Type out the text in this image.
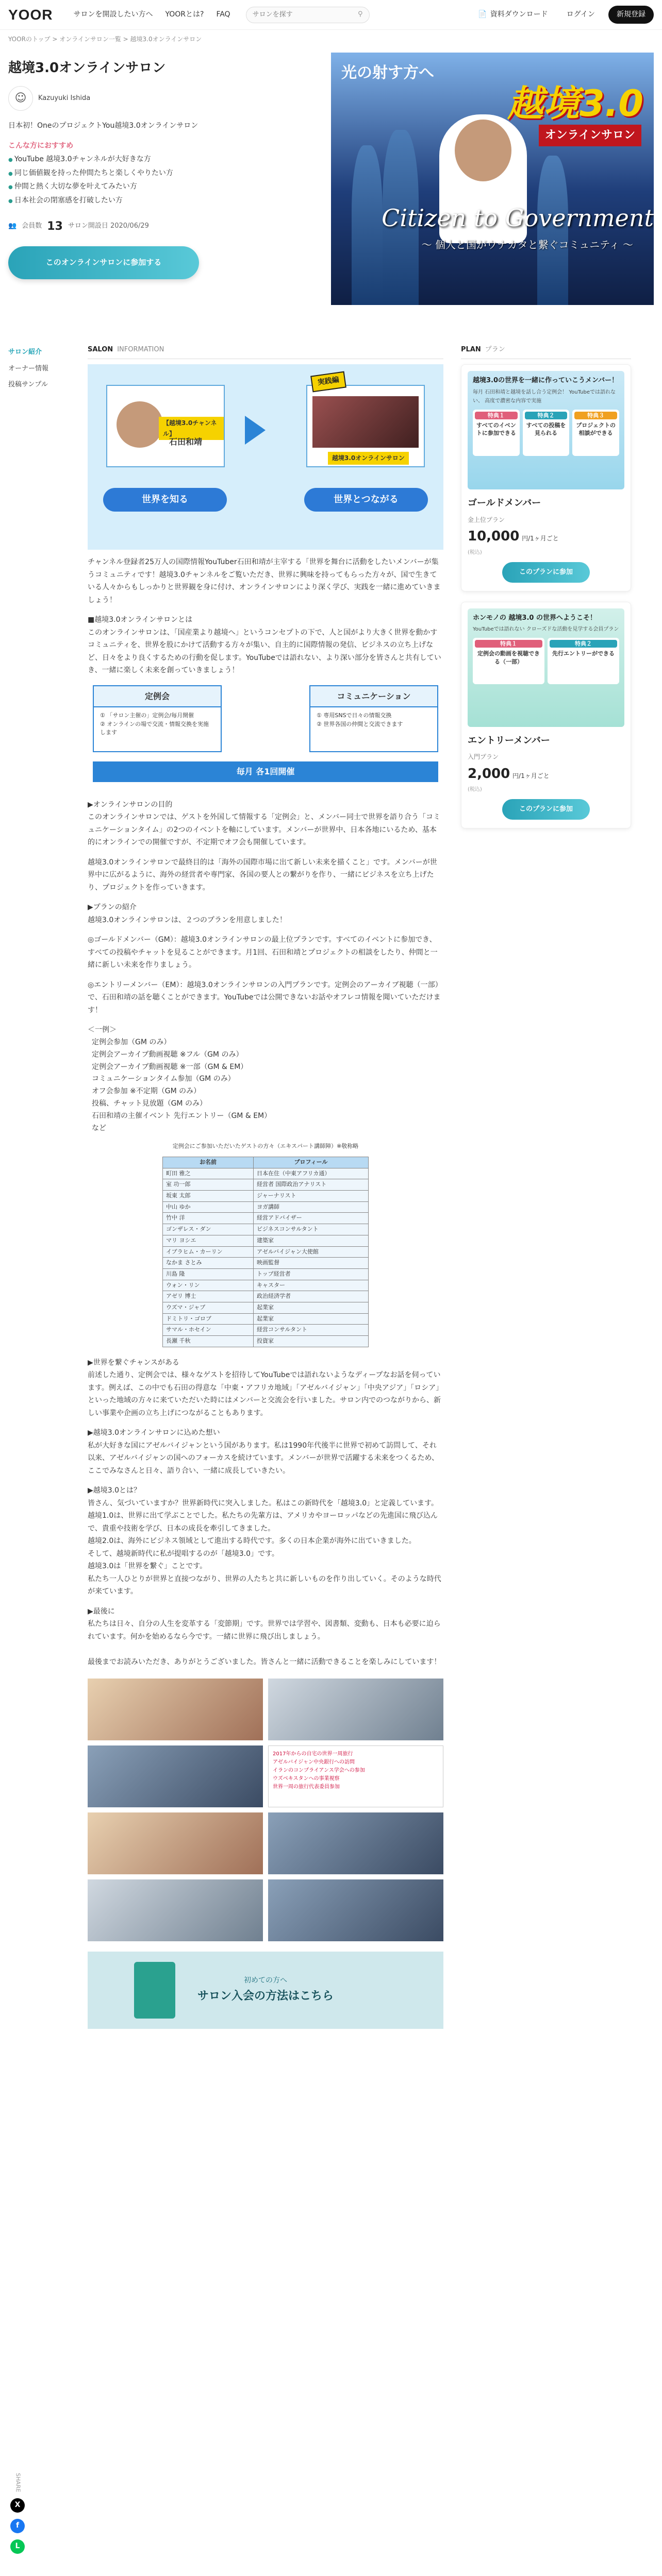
YOOR	サロンを開設したい方へ YOORとは? FAQ
サロンを探す	⚲	📄 資料ダウンロード	ログイン	新規登録
YOORのトップ > オンラインサロン一覧 > 越境3.0オンラインサロン
越境3.0オンラインサロン
☺	Kazuyuki Ishida
日本初！OneのプロジェクトYou越境3.0オンラインサロン
こんな方におすすめ
● YouTube 越境3.0チャンネルが大好きな方
● 同じ価値観を持った仲間たちと楽しくやりたい方
● 仲間と熱く大切な夢を叶えてみたい方
● 日本社会の閉塞感を打破したい方
👥 会員数 13 サロン開設日 2020/06/29
このオンラインサロンに参加する
光の射す方へ
越境3.0
オンラインサロン
Citizen to Government
〜 個人と国がウナカタと繋ぐコミュニティ 〜
サロン紹介
オーナー情報
投稿サンプル
SALON INFORMATION
【越境3.0チャンネル】
石田和靖
越境3.0オンラインサロン
実践編
世界を知る	世界とつながる

チャンネル登録者25万人の国際情報YouTuber石田和靖が主宰する「世界を舞台に活動をしたいメンバーが集うコミュニティです！越境3.0チャンネルをご覧いただき、世界に興味を持ってもらった方々が、国で生きている人々からもしっかりと世界観を身に付け、オンラインサロンにより深く学び、実践を一緒に進めていきましょう！

■越境3.0オンラインサロンとは
このオンラインサロンは、「国産業より越境へ」というコンセプトの下で、人と国がより大きく世界を動かすコミュニティを、世界を股にかけて活動する方々が集い、自主的に国際情報の発信、ビジネスの立ち上げなど、日々をより良くするための行動を促します。YouTubeでは語れない、より深い部分を皆さんと共有していき、一緒に楽しく未来を創っていきましょう！

定例会
① 「サロン主催の」定例会/毎月開催
② オンラインの場で交流・情報交換を実施します
コミュニケーション
① 専用SNSで日々の情報交換
② 世界各国の仲間と交流できます
毎月 各1回開催

▶オンラインサロンの目的
このオンラインサロンでは、ゲストを外国して情報する「定例会」と、メンバー同士で世界を語り合う「コミュニケーションタイム」の2つのイベントを軸にしています。メンバーが世界中、日本各地にいるため、基本的にオンラインでの開催ですが、不定期でオフ会も開催しています。

越境3.0オンラインサロンで最終目的は「海外の国際市場に出て新しい未来を描くこと」です。メンバーが世界中に広がるように、海外の経営者や専門家、各国の要人との繋がりを作り、一緒にビジネスを立ち上げたり、プロジェクトを作っていきます。

▶プランの紹介
越境3.0オンラインサロンは、２つのプランを用意しました！

◎ゴールドメンバー（GM）：越境3.0オンラインサロンの最上位プランです。すべてのイベントに参加でき、すべての投稿やチャットを見ることができます。月1回、石田和靖とプロジェクトの相談をしたり、仲間と一緒に新しい未来を作りましょう。

◎エントリーメンバー（EM）：越境3.0オンラインサロンの入門プランです。定例会のアーカイブ視聴（一部）で、石田和靖の話を聴くことができます。YouTubeでは公開できないお話やオフレコ情報を聞いていただけます！

＜一例＞

定例会参加（GM のみ）
定例会アーカイブ動画視聴 ※フル（GM のみ）
定例会アーカイブ動画視聴 ※一部（GM & EM）
コミュニケーションタイム参加（GM のみ）
オフ会参加 ※不定期（GM のみ）
投稿、チャット見放題（GM のみ）
石田和靖の主催イベント 先行エントリー（GM & EM）
など
定例会にご参加いただいたゲストの方々（エキスパート講師陣）※敬称略
お名前	プロフィール
町田 雅之	日本在住（中東アフリカ通）
室 功一郎	経営者 国際政治アナリスト
坂東 太郎	ジャーナリスト
中山 ゆか	ヨガ講師
竹中 洋	経営アドバイザー
ゴンザレス・ダン	ビジネスコンサルタント
マリ ヨシエ	建築家
イブラヒム・カーリン	アゼルバイジャン大使館
なかま さとみ	映画監督
川島 隆	トップ経営者
ウォン・リン	キャスター
アゼリ 博士	政治経済学者
ウズマ・ジャブ	起業家
ドミトリ・ゴロブ	起業家
サマル・ホセイン	経営コンサルタント
長瀬 千秋	投資家

▶世界を繋ぐチャンスがある
前述した通り、定例会では、様々なゲストを招待してYouTubeでは語れないようなディープなお話を伺っています。例えば、この中でも石田の得意な「中東・アフリカ地域」「アゼルバイジャン」「中央アジア」「ロシア」といった地域の方々に来ていただいた時にはメンバーと交流会を行いました。サロン内でのつながりから、新しい事業や企画の立ち上げにつながることもあります。

▶越境3.0オンラインサロンに込めた想い
私が大好きな国にアゼルバイジャンという国があります。私は1990年代後半に世界で初めて訪問して、それ以来、アゼルバイジャンの国へのフォーカスを続けています。メンバーが世界で活躍する未来をつくるため、ここでみなさんと日々、語り合い、一緒に成長していきたい。

▶越境3.0とは？
皆さん、気づいていますか？世界新時代に突入しました。私はこの新時代を「越境3.0」と定義しています。
越境1.0は、世界に出て学ぶことでした。私たちの先輩方は、アメリカやヨーロッパなどの先進国に飛び込んで、貴重や技術を学び、日本の成長を牽引してきました。
越境2.0は、海外にビジネス領域として進出する時代です。多くの日本企業が海外に出ていきました。
そして、越境新時代に私が提唱するのが「越境3.0」です。
越境3.0は「世界を繋ぐ」ことです。
私たち一人ひとりが世界と直接つながり、世界の人たちと共に新しいものを作り出していく。そのような時代が来ています。

▶最後に
私たちは日々、自分の人生を変革する「変節期」です。世界では学習や、図書類、変動も、日本も必要に迫られています。何かを始めるなら今です。一緒に世界に飛び出しましょう。

最後までお読みいただき、ありがとうございました。皆さんと一緒に活動できることを楽しみにしています！

2017年からの自宅の世界一周旅行
アゼルバイジャン中央銀行への訪問
イランのコンプライアンス学会への参加
ウズベキスタンへの事業視察
世界一周の旅行代表委員参加
初めての方へ
サロン入会の方法はこちら
PLAN プラン
越境3.0の世界を一緒に作っていこうメンバー！
毎月 石田和靖と越境を話し合う定例会！ YouTubeでは語れない、 高度で濃密な内容で実施
特典１
すべてのイベントに参加できる
特典２
すべての投稿を見られる
特典３
プロジェクトの相談ができる
ゴールドメンバー
金上位プラン
10,000 円/1ヶ月ごと
(税込)
このプランに参加
ホンモノの 越境3.0 の世界へようこそ！
YouTubeでは語れない クローズドな活動を見学する会員プラン
特典１
定例会の動画を視聴できる（一部）
特典２
先行エントリーができる
エントリーメンバー
入門プラン
2,000 円/1ヶ月ごと
(税込)
このプランに参加
SHARE
X
f
L
